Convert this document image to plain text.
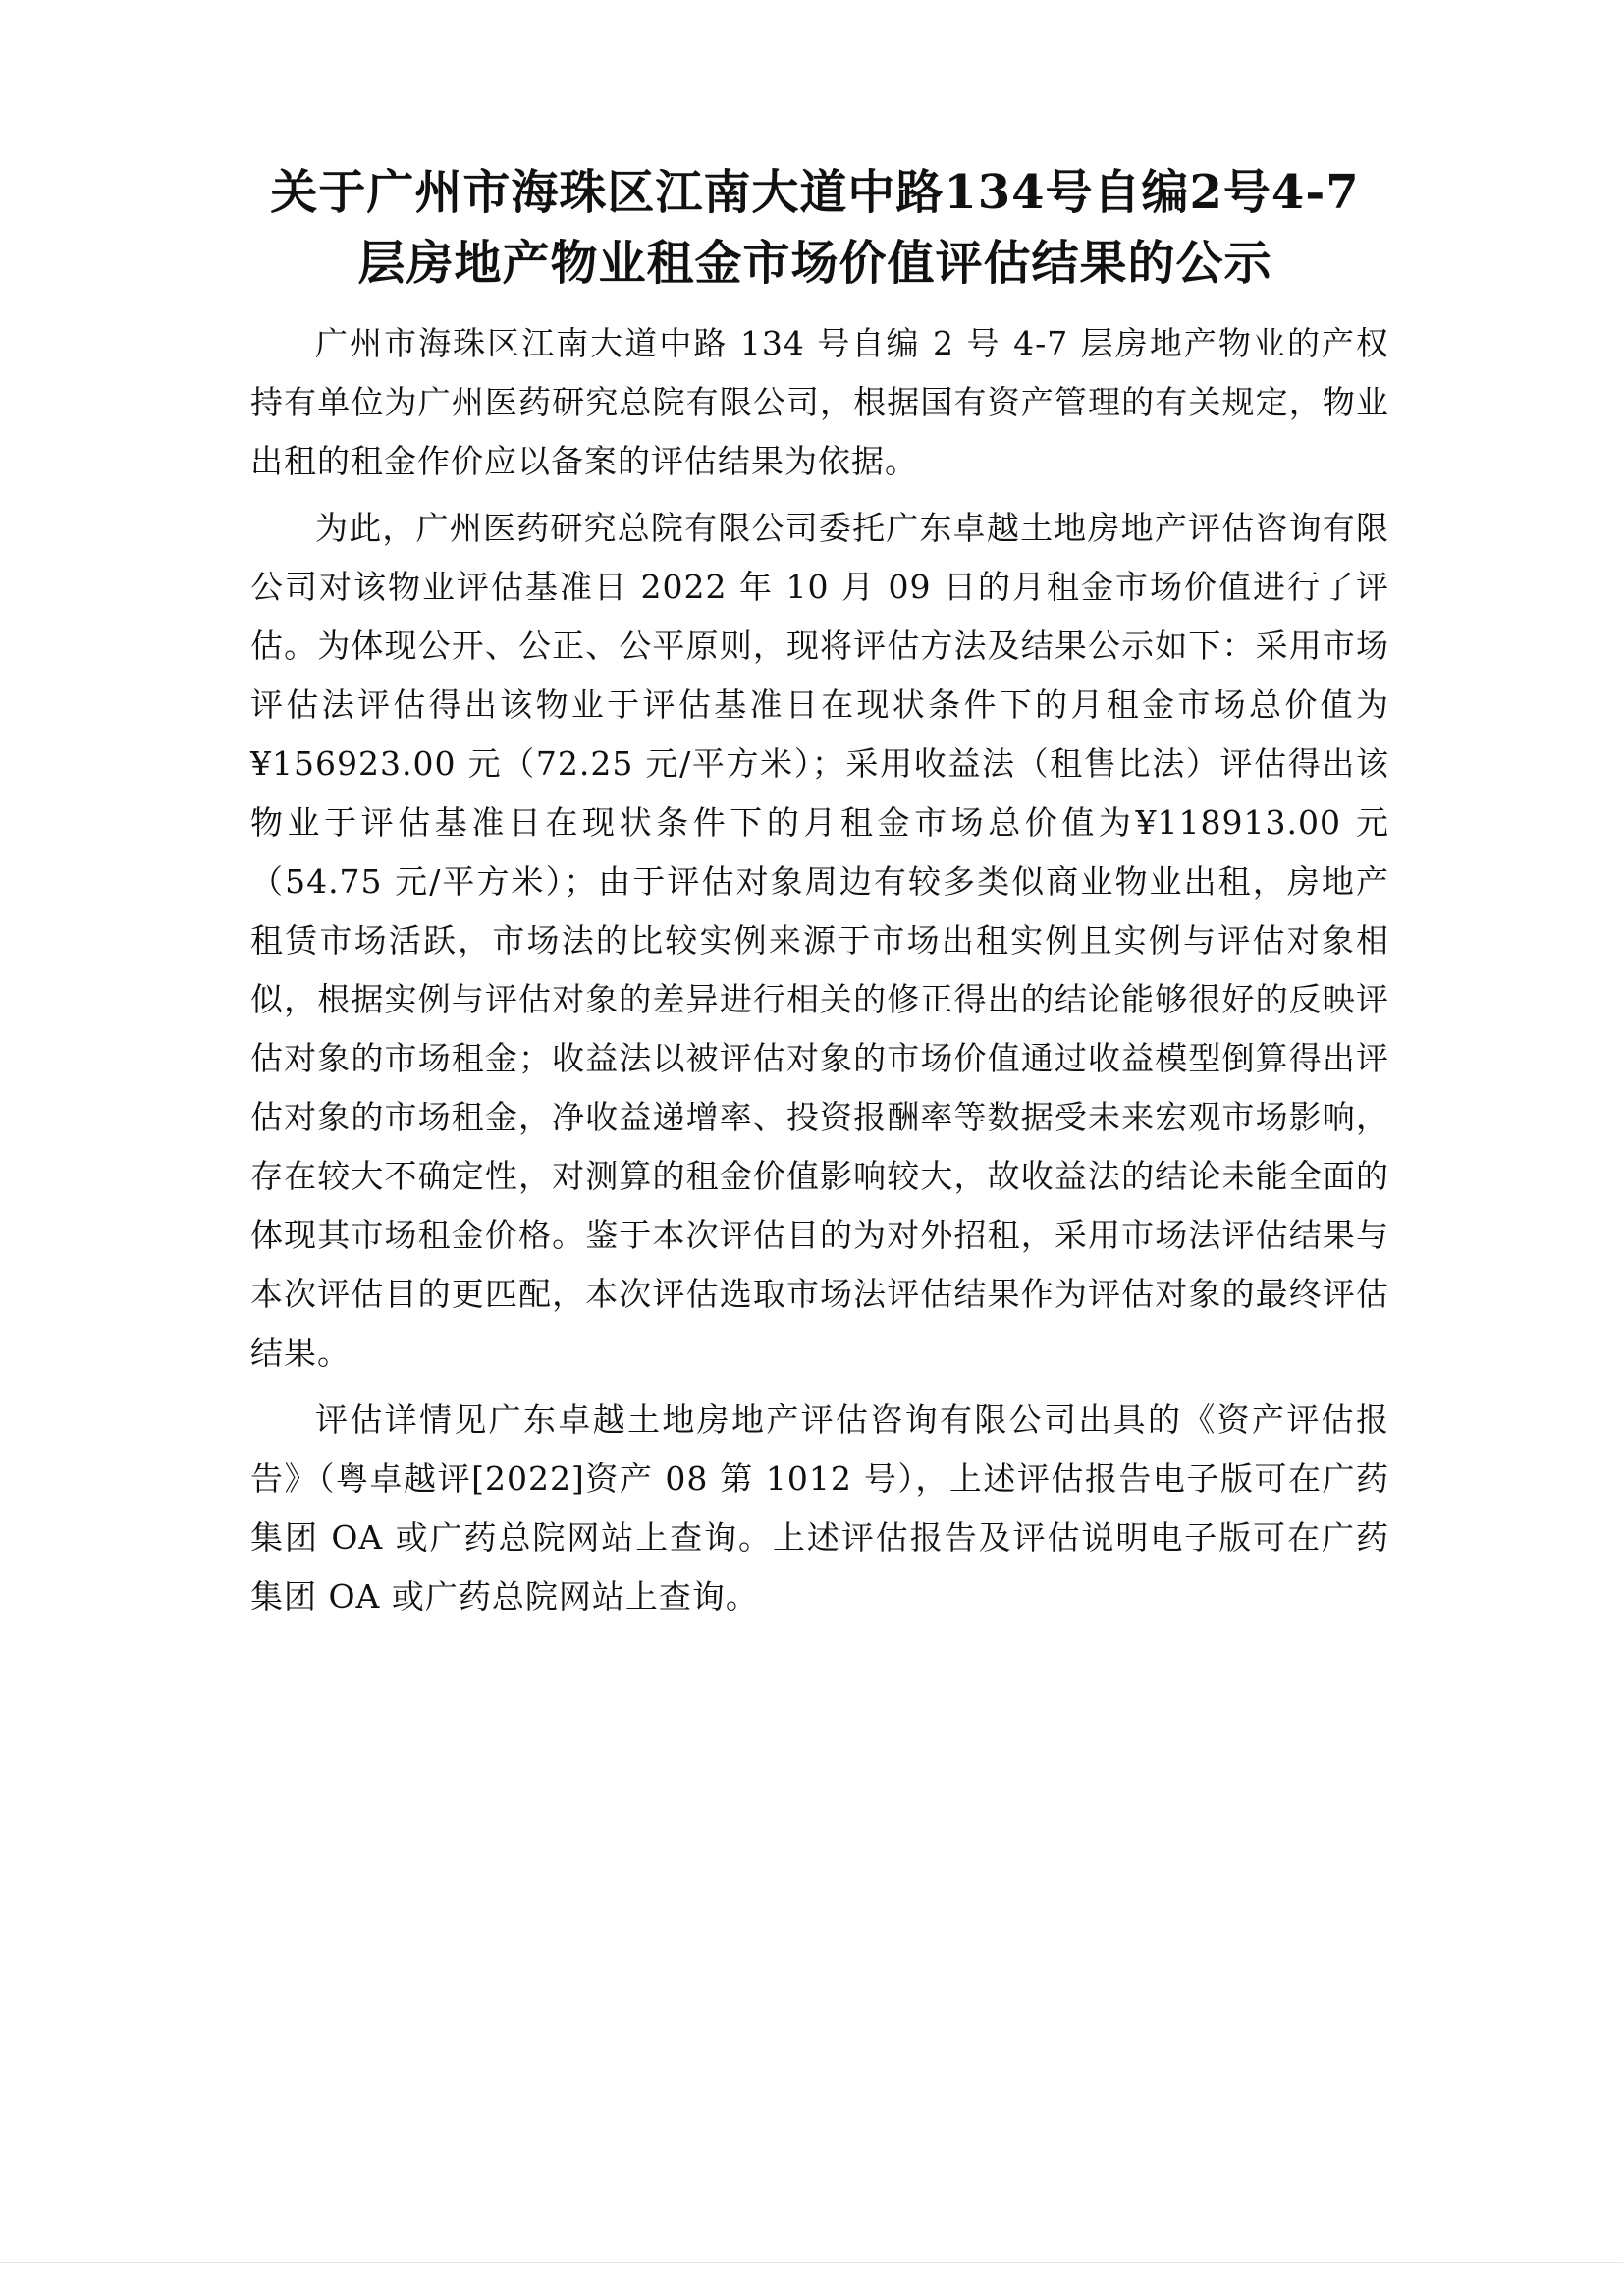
关于广州市海珠区江南大道中路134号自编2号4-7
层房地产物业租金市场价值评估结果的公示

广州市海珠区江南大道中路 134 号自编 2 号 4-7 层房地产物业的产权持有单位为广州医药研究总院有限公司，根据国有资产管理的有关规定，物业出租的租金作价应以备案的评估结果为依据。

为此，广州医药研究总院有限公司委托广东卓越土地房地产评估咨询有限公司对该物业评估基准日 2022 年 10 月 09 日的月租金市场价值进行了评估。为体现公开、公正、公平原则，现将评估方法及结果公示如下：采用市场评估法评估得出该物业于评估基准日在现状条件下的月租金市场总价值为¥156923.00 元（72.25 元/平方米）；采用收益法（租售比法）评估得出该物业于评估基准日在现状条件下的月租金市场总价值为¥118913.00 元（54.75 元/平方米）；由于评估对象周边有较多类似商业物业出租，房地产租赁市场活跃，市场法的比较实例来源于市场出租实例且实例与评估对象相似，根据实例与评估对象的差异进行相关的修正得出的结论能够很好的反映评估对象的市场租金；收益法以被评估对象的市场价值通过收益模型倒算得出评估对象的市场租金，净收益递增率、投资报酬率等数据受未来宏观市场影响，存在较大不确定性，对测算的租金价值影响较大，故收益法的结论未能全面的体现其市场租金价格。鉴于本次评估目的为对外招租，采用市场法评估结果与本次评估目的更匹配，本次评估选取市场法评估结果作为评估对象的最终评估结果。

评估详情见广东卓越土地房地产评估咨询有限公司出具的《资产评估报告》（粤卓越评[2022]资产 08 第 1012 号），上述评估报告电子版可在广药集团 OA 或广药总院网站上查询。上述评估报告及评估说明电子版可在广药集团 OA 或广药总院网站上查询。
